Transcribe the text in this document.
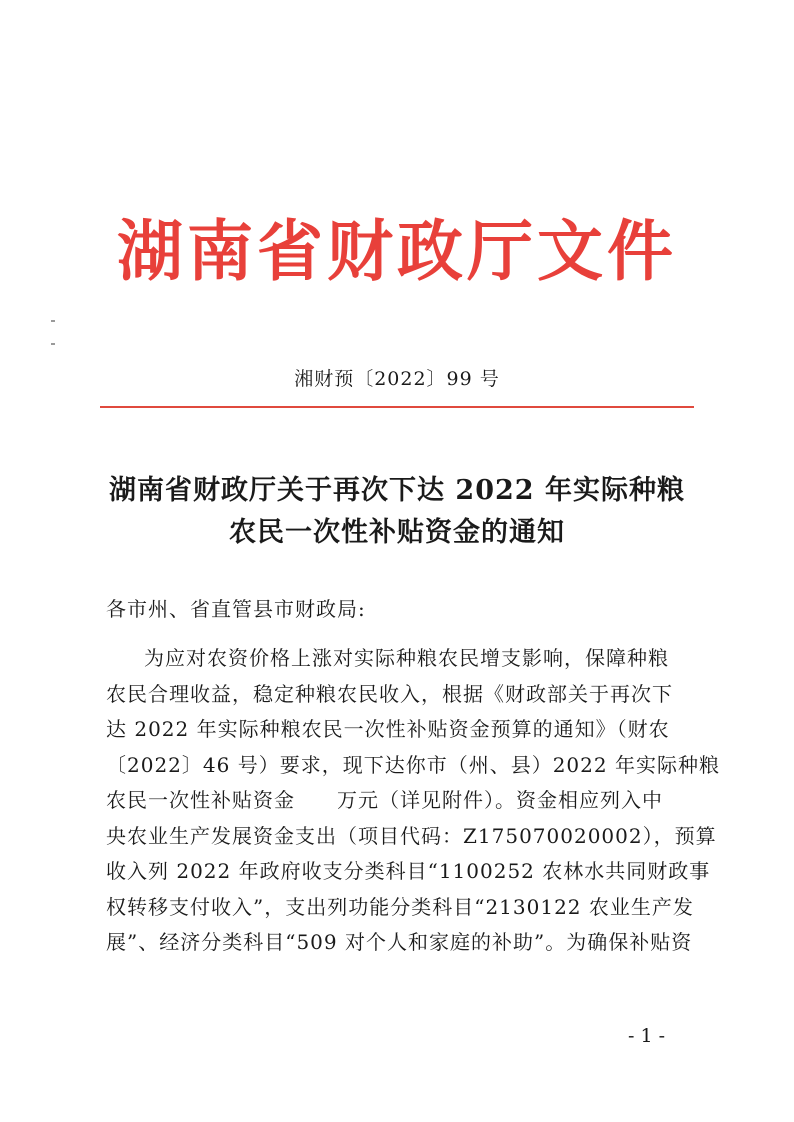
湖南省财政厅文件
湘财预〔2022〕99 号
湖南省财政厅关于再次下达 2022 年实际种粮
农民一次性补贴资金的通知
各市州、省直管县市财政局:
为应对农资价格上涨对实际种粮农民增支影响，保障种粮
农民合理收益，稳定种粮农民收入，根据《财政部关于再次下
达 2022 年实际种粮农民一次性补贴资金预算的通知》（财农
〔2022〕46 号）要求，现下达你市（州、县）2022 年实际种粮
农民一次性补贴资金　　万元（详见附件）。资金相应列入中
央农业生产发展资金支出（项目代码：Z175070020002），预算
收入列 2022 年政府收支分类科目“1100252 农林水共同财政事
权转移支付收入”，支出列功能分类科目“2130122 农业生产发
展”、经济分类科目“509 对个人和家庭的补助”。为确保补贴资
- 1 -
